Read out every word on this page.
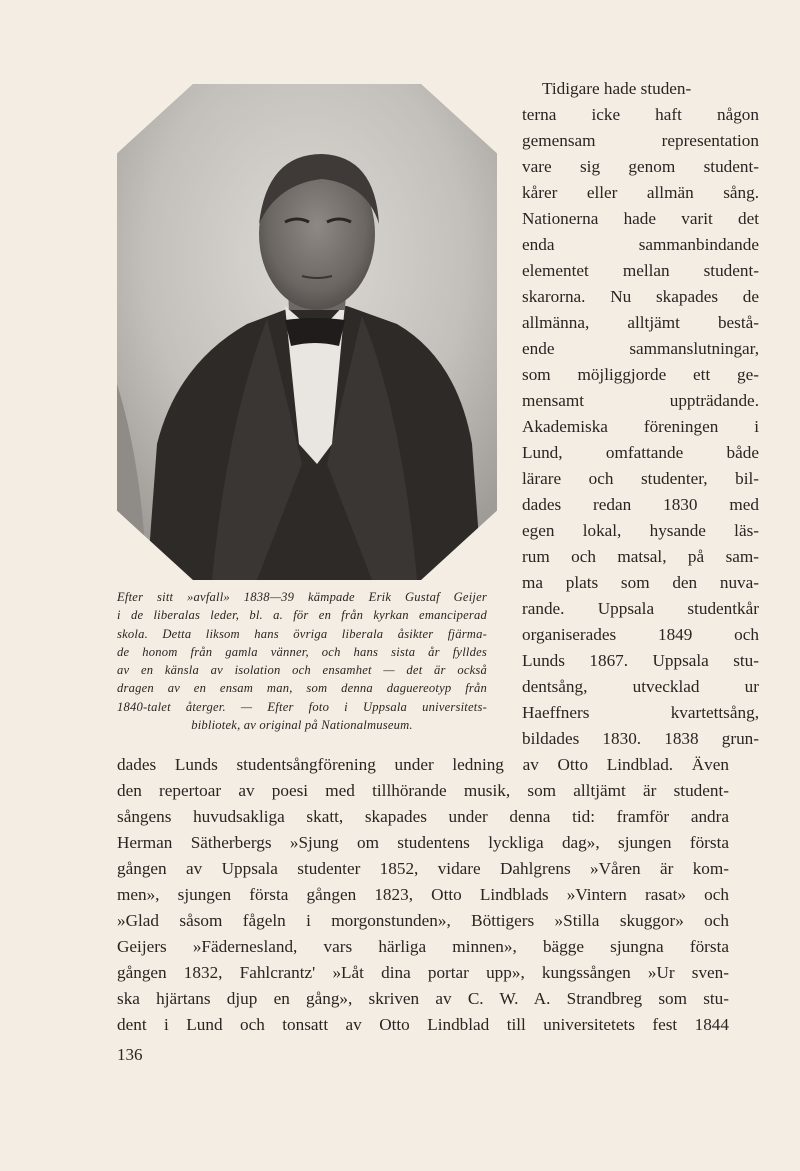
Efter sitt »avfall» 1838—39 kämpade Erik Gustaf Geijer
i de liberalas leder, bl. a. för en från kyrkan emanciperad
skola. Detta liksom hans övriga liberala åsikter fjärma-
de honom från gamla vänner, och hans sista år fylldes
av en känsla av isolation och ensamhet — det är också
dragen av en ensam man, som denna daguereotyp från
1840-talet återger. — Efter foto i Uppsala universitets-
bibliotek, av original på Nationalmuseum.

Tidigare hade studen-
terna icke haft någon
gemensam representation
vare sig genom student-
kårer eller allmän sång.
Nationerna hade varit det
enda sammanbindande
elementet mellan student-
skarorna. Nu skapades de
allmänna, alltjämt bestå-
ende sammanslutningar,
som möjliggjorde ett ge-
mensamt uppträdande.
Akademiska föreningen i
Lund, omfattande både
lärare och studenter, bil-
dades redan 1830 med
egen lokal, hysande läs-
rum och matsal, på sam-
ma plats som den nuva-
rande. Uppsala studentkår
organiserades 1849 och
Lunds 1867. Uppsala stu-
dentsång, utvecklad ur
Haeffners kvartettsång,
bildades 1830. 1838 grun-
dades Lunds studentsångförening under ledning av Otto Lindblad. Även
den repertoar av poesi med tillhörande musik, som alltjämt är student-
sångens huvudsakliga skatt, skapades under denna tid: framför andra
Herman Sätherbergs »Sjung om studentens lyckliga dag», sjungen första
gången av Uppsala studenter 1852, vidare Dahlgrens »Våren är kom-
men», sjungen första gången 1823, Otto Lindblads »Vintern rasat» och
»Glad såsom fågeln i morgonstunden», Böttigers »Stilla skuggor» och
Geijers »Fädernesland, vars härliga minnen», bägge sjungna första
gången 1832, Fahlcrantz' »Låt dina portar upp», kungssången »Ur sven-
ska hjärtans djup en gång», skriven av C. W. A. Strandbreg som stu-
dent i Lund och tonsatt av Otto Lindblad till universitetets fest 1844
136
